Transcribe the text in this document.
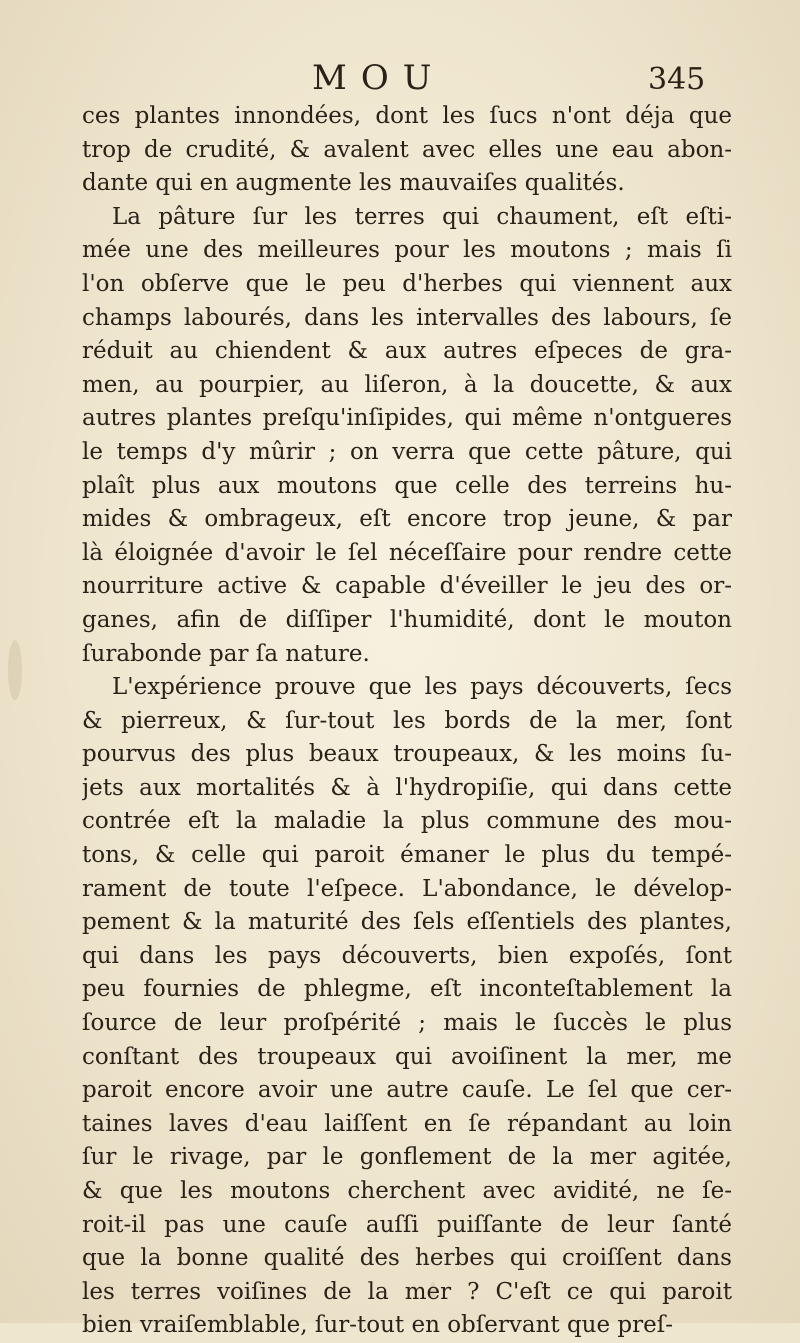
MOU	345
ces plantes innondées, dont les ſucs n'ont déja que
trop de crudité, & avalent avec elles une eau abon-
dante qui en augmente les mauvaiſes qualités.
La pâture ſur les terres qui chaument, eſt eſti-
mée une des meilleures pour les moutons ; mais ſi
l'on obſerve que le peu d'herbes qui viennent aux
champs labourés, dans les intervalles des labours, ſe
réduit au chiendent & aux autres eſpeces de gra-
men, au pourpier, au liſeron, à la doucette, & aux
autres plantes preſqu'inſipides, qui même n'ontgueres
le temps d'y mûrir ; on verra que cette pâture, qui
plaît plus aux moutons que celle des terreins hu-
mides & ombrageux, eſt encore trop jeune, & par
là éloignée d'avoir le ſel néceſſaire pour rendre cette
nourriture active & capable d'éveiller le jeu des or-
ganes, afin de diſſiper l'humidité, dont le mouton
ſurabonde par ſa nature.
L'expérience prouve que les pays découverts, ſecs
& pierreux, & ſur-tout les bords de la mer, ſont
pourvus des plus beaux troupeaux, & les moins ſu-
jets aux mortalités & à l'hydropiſie, qui dans cette
contrée eſt la maladie la plus commune des mou-
tons, & celle qui paroit émaner le plus du tempé-
rament de toute l'eſpece. L'abondance, le dévelop-
pement & la maturité des ſels eſſentiels des plantes,
qui dans les pays découverts, bien expoſés, ſont
peu fournies de phlegme, eſt inconteſtablement la
ſource de leur proſpérité ; mais le ſuccès le plus
conſtant des troupeaux qui avoiſinent la mer, me
paroit encore avoir une autre cauſe. Le ſel que cer-
taines laves d'eau laiſſent en ſe répandant au loin
ſur le rivage, par le gonflement de la mer agitée,
& que les moutons cherchent avec avidité, ne ſe-
roit-il pas une cauſe auſſi puiſſante de leur ſanté
que la bonne qualité des herbes qui croiſſent dans
les terres voiſines de la mer ? C'eſt ce qui paroit
bien vraiſemblable, ſur-tout en obſervant que preſ-
